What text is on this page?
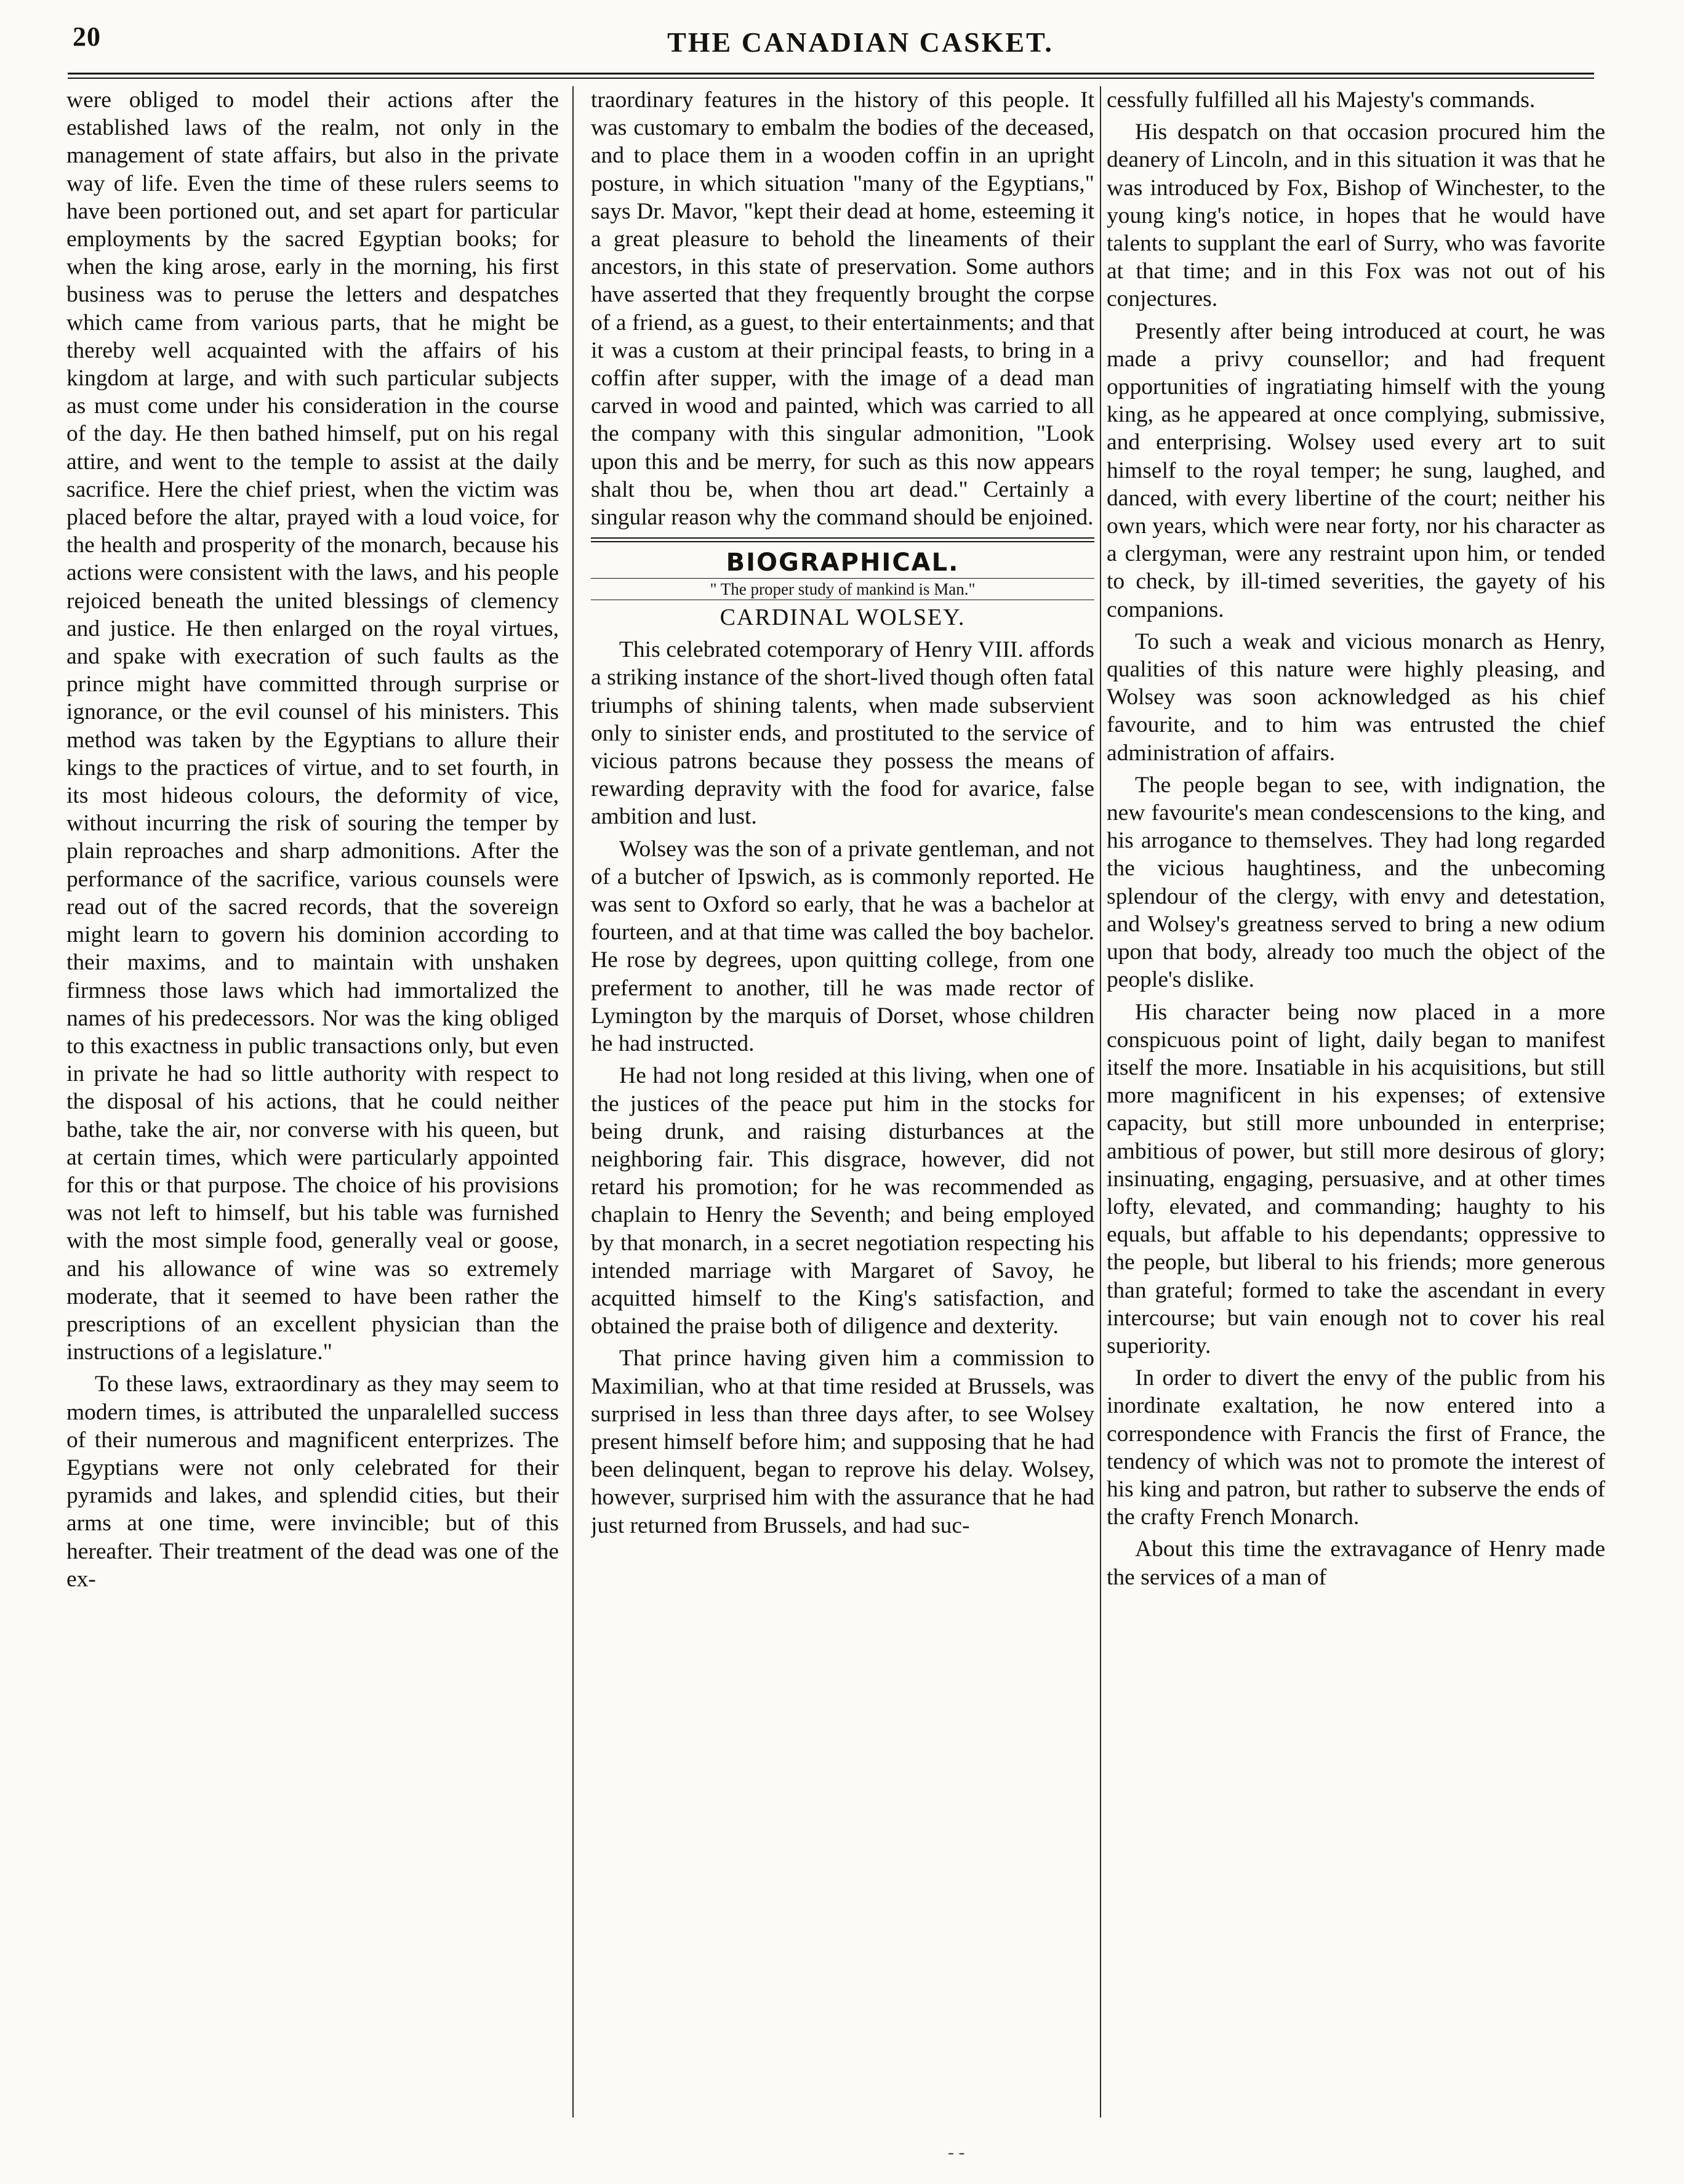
20	THE CANADIAN CASKET.

were obliged to model their actions after the established laws of the realm, not only in the management of state affairs, but also in the private way of life. Even the time of these rulers seems to have been portioned out, and set apart for particular employments by the sacred Egyptian books; for when the king arose, early in the morning, his first business was to peruse the letters and despatches which came from various parts, that he might be thereby well acquainted with the affairs of his kingdom at large, and with such particular subjects as must come under his consideration in the course of the day. He then bathed himself, put on his regal attire, and went to the temple to assist at the daily sacrifice. Here the chief priest, when the victim was placed before the altar, prayed with a loud voice, for the health and prosperity of the monarch, because his actions were consistent with the laws, and his people rejoiced beneath the united blessings of clemency and justice. He then enlarged on the royal virtues, and spake with execration of such faults as the prince might have committed through surprise or ignorance, or the evil counsel of his ministers. This method was taken by the Egyptians to allure their kings to the practices of virtue, and to set fourth, in its most hideous colours, the deformity of vice, without incurring the risk of souring the temper by plain reproaches and sharp admonitions. After the performance of the sacrifice, various counsels were read out of the sacred records, that the sovereign might learn to govern his dominion according to their maxims, and to maintain with unshaken firmness those laws which had immortalized the names of his predecessors. Nor was the king obliged to this exactness in public transactions only, but even in private he had so little authority with respect to the disposal of his actions, that he could neither bathe, take the air, nor converse with his queen, but at certain times, which were particularly appointed for this or that purpose. The choice of his provisions was not left to himself, but his table was furnished with the most simple food, generally veal or goose, and his allowance of wine was so extremely moderate, that it seemed to have been rather the prescriptions of an excellent physician than the instructions of a legislature."

To these laws, extraordinary as they may seem to modern times, is attributed the unparalelled success of their numerous and magnificent enterprizes. The Egyptians were not only celebrated for their pyramids and lakes, and splendid cities, but their arms at one time, were invincible; but of this hereafter. Their treatment of the dead was one of the ex-

traordinary features in the history of this people. It was customary to embalm the bodies of the deceased, and to place them in a wooden coffin in an upright posture, in which situation "many of the Egyptians," says Dr. Mavor, "kept their dead at home, esteeming it a great pleasure to behold the lineaments of their ancestors, in this state of preservation. Some authors have asserted that they frequently brought the corpse of a friend, as a guest, to their entertainments; and that it was a custom at their principal feasts, to bring in a coffin after supper, with the image of a dead man carved in wood and painted, which was carried to all the company with this singular admonition, "Look upon this and be merry, for such as this now appears shalt thou be, when thou art dead." Certainly a singular reason why the command should be enjoined.

BIOGRAPHICAL.
" The proper study of mankind is Man."
CARDINAL WOLSEY.

This celebrated cotemporary of Henry VIII. affords a striking instance of the short-lived though often fatal triumphs of shining talents, when made subservient only to sinister ends, and prostituted to the service of vicious patrons because they possess the means of rewarding depravity with the food for avarice, false ambition and lust.

Wolsey was the son of a private gentleman, and not of a butcher of Ipswich, as is commonly reported. He was sent to Oxford so early, that he was a bachelor at fourteen, and at that time was called the boy bachelor. He rose by degrees, upon quitting college, from one preferment to another, till he was made rector of Lymington by the marquis of Dorset, whose children he had instructed.

He had not long resided at this living, when one of the justices of the peace put him in the stocks for being drunk, and raising disturbances at the neighboring fair. This disgrace, however, did not retard his promotion; for he was recommended as chaplain to Henry the Seventh; and being employed by that monarch, in a secret negotiation respecting his intended marriage with Margaret of Savoy, he acquitted himself to the King's satisfaction, and obtained the praise both of diligence and dexterity.

That prince having given him a commission to Maximilian, who at that time resided at Brussels, was surprised in less than three days after, to see Wolsey present himself before him; and supposing that he had been delinquent, began to reprove his delay. Wolsey, however, surprised him with the assurance that he had just returned from Brussels, and had suc-

cessfully fulfilled all his Majesty's commands.

His despatch on that occasion procured him the deanery of Lincoln, and in this situation it was that he was introduced by Fox, Bishop of Winchester, to the young king's notice, in hopes that he would have talents to supplant the earl of Surry, who was favorite at that time; and in this Fox was not out of his conjectures.

Presently after being introduced at court, he was made a privy counsellor; and had frequent opportunities of ingratiating himself with the young king, as he appeared at once complying, submissive, and enterprising. Wolsey used every art to suit himself to the royal temper; he sung, laughed, and danced, with every libertine of the court; neither his own years, which were near forty, nor his character as a clergyman, were any restraint upon him, or tended to check, by ill-timed severities, the gayety of his companions.

To such a weak and vicious monarch as Henry, qualities of this nature were highly pleasing, and Wolsey was soon acknowledged as his chief favourite, and to him was entrusted the chief administration of affairs.

The people began to see, with indignation, the new favourite's mean condescensions to the king, and his arrogance to themselves. They had long regarded the vicious haughtiness, and the unbecoming splendour of the clergy, with envy and detestation, and Wolsey's greatness served to bring a new odium upon that body, already too much the object of the people's dislike.

His character being now placed in a more conspicuous point of light, daily began to manifest itself the more. Insatiable in his acquisitions, but still more magnificent in his expenses; of extensive capacity, but still more unbounded in enterprise; ambitious of power, but still more desirous of glory; insinuating, engaging, persuasive, and at other times lofty, elevated, and commanding; haughty to his equals, but affable to his dependants; oppressive to the people, but liberal to his friends; more generous than grateful; formed to take the ascendant in every intercourse; but vain enough not to cover his real superiority.

In order to divert the envy of the public from his inordinate exaltation, he now entered into a correspondence with Francis the first of France, the tendency of which was not to promote the interest of his king and patron, but rather to subserve the ends of the crafty French Monarch.

About this time the extravagance of Henry made the services of a man of

- -
